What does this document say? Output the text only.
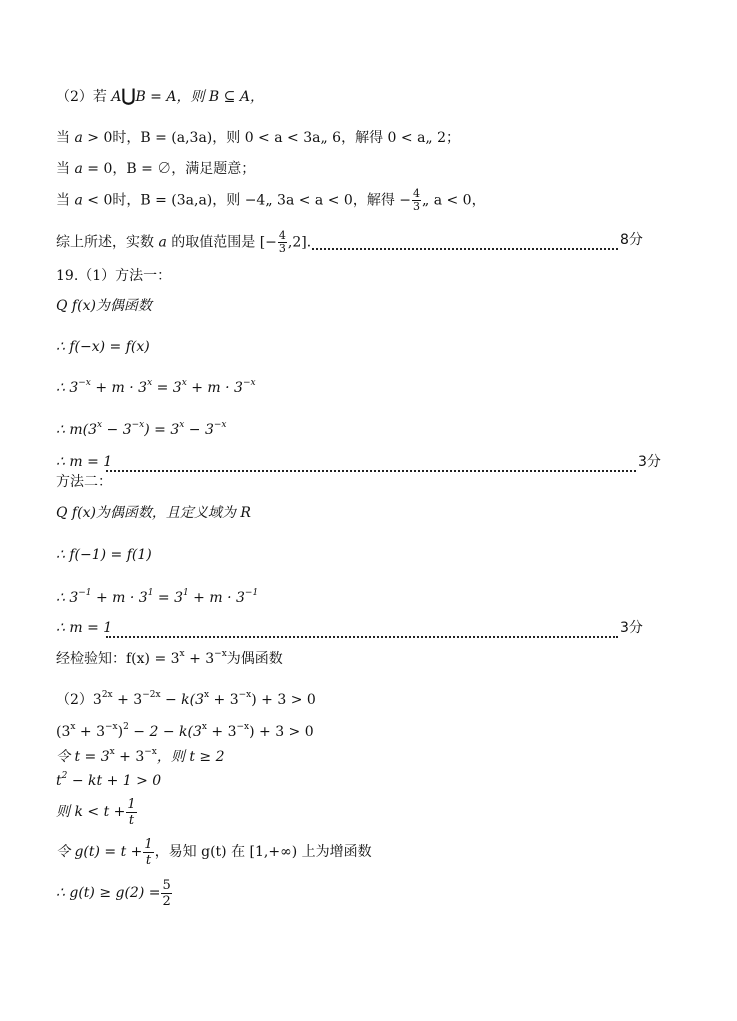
（2）若 A⋃B = A，则 B ⊆ A，
当 a > 0时，B = (a,3a)，则 0 < a < 3a„ 6，解得 0 < a„ 2；
当 a = 0，B = ∅，满足题意；
当 a < 0时，B = (3a,a)，则 −4„ 3a < a < 0，解得 − $\frac{4}{3}$ „ a < 0，
综上所述，实数 a 的取值范围是 [− $\frac{4}{3} ,2$]．	8分
19.（1）方法一：
Q f(x)为偶函数
∴ f(−x) = f(x)
∴ $3^{-x} + m \cdot 3^x = 3^x + m \cdot 3^{-x}$
∴ $m(3^x - 3^{-x}) = 3^x - 3^{-x}$
∴ m = 1	3分
方法二：
Q f(x)为偶函数，且定义域为 R
∴ f(−1) = f(1)
∴ $3^{-1} + m \cdot 3^1 = 3^1 + m \cdot 3^{-1}$
∴ m = 1	3分
经检验知：$f(x) = 3^x + 3^{-x}$为偶函数
$(2)3^{2x} + 3^{-2x} - k(3^x + 3^{-x}) + 3 > 0$
$(3^x + 3^{-x})^2 - 2 - k(3^x + 3^{-x}) + 3 > 0$
令 $t = 3^x + 3^{-x}$，则 t ≥ 2
$t^2$ − kt + 1 > 0
则 $k < t + \frac{1}{t}$
令 $g(t) = t + \frac{1}{t}$ ，易知 g(t) 在 [1,+∞) 上为增函数
∴ $g(t) \ge g(2) = \frac{5}{2}$
